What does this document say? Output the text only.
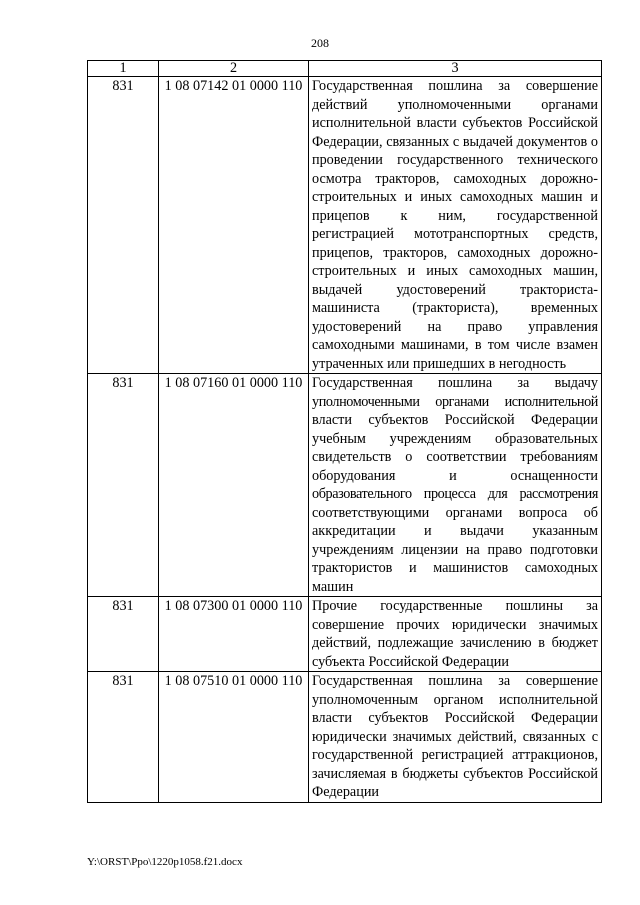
208
1	2	3
831	1 08 07142 01 0000 110	Государственная пошлина за совершение действий уполномоченными органами исполнительной власти субъектов Российской Федерации, связанных с выдачей документов о проведении государственного технического осмотра тракторов, самоходных дорожно-строительных и иных самоходных машин и прицепов к ним, государственной регистрацией мототранспортных средств, прицепов, тракторов, самоходных дорожно-строительных и иных самоходных машин, выдачей удостоверений тракториста-машиниста (тракториста), временных удостоверений на право управления самоходными машинами, в том числе взамен утраченных или пришедших в негодность
831	1 08 07160 01 0000 110	Государственная пошлина за выдачу уполномоченными органами исполнительной власти субъектов Российской Федерации учебным учреждениям образовательных свидетельств о соответствии требованиям оборудования и оснащенности образовательного процесса для рассмотрения соответствующими органами вопроса об аккредитации и выдачи указанным учреждениям лицензии на право подготовки трактористов и машинистов самоходных машин
831	1 08 07300 01 0000 110	Прочие государственные пошлины за совершение прочих юридически значимых действий, подлежащие зачислению в бюджет субъекта Российской Федерации
831	1 08 07510 01 0000 110	Государственная пошлина за совершение уполномоченным органом исполнительной власти субъектов Российской Федерации юридически значимых действий, связанных с государственной регистрацией аттракционов, зачисляемая в бюджеты субъектов Российской Федерации
Y:\ORST\Ppo\1220p1058.f21.docx
